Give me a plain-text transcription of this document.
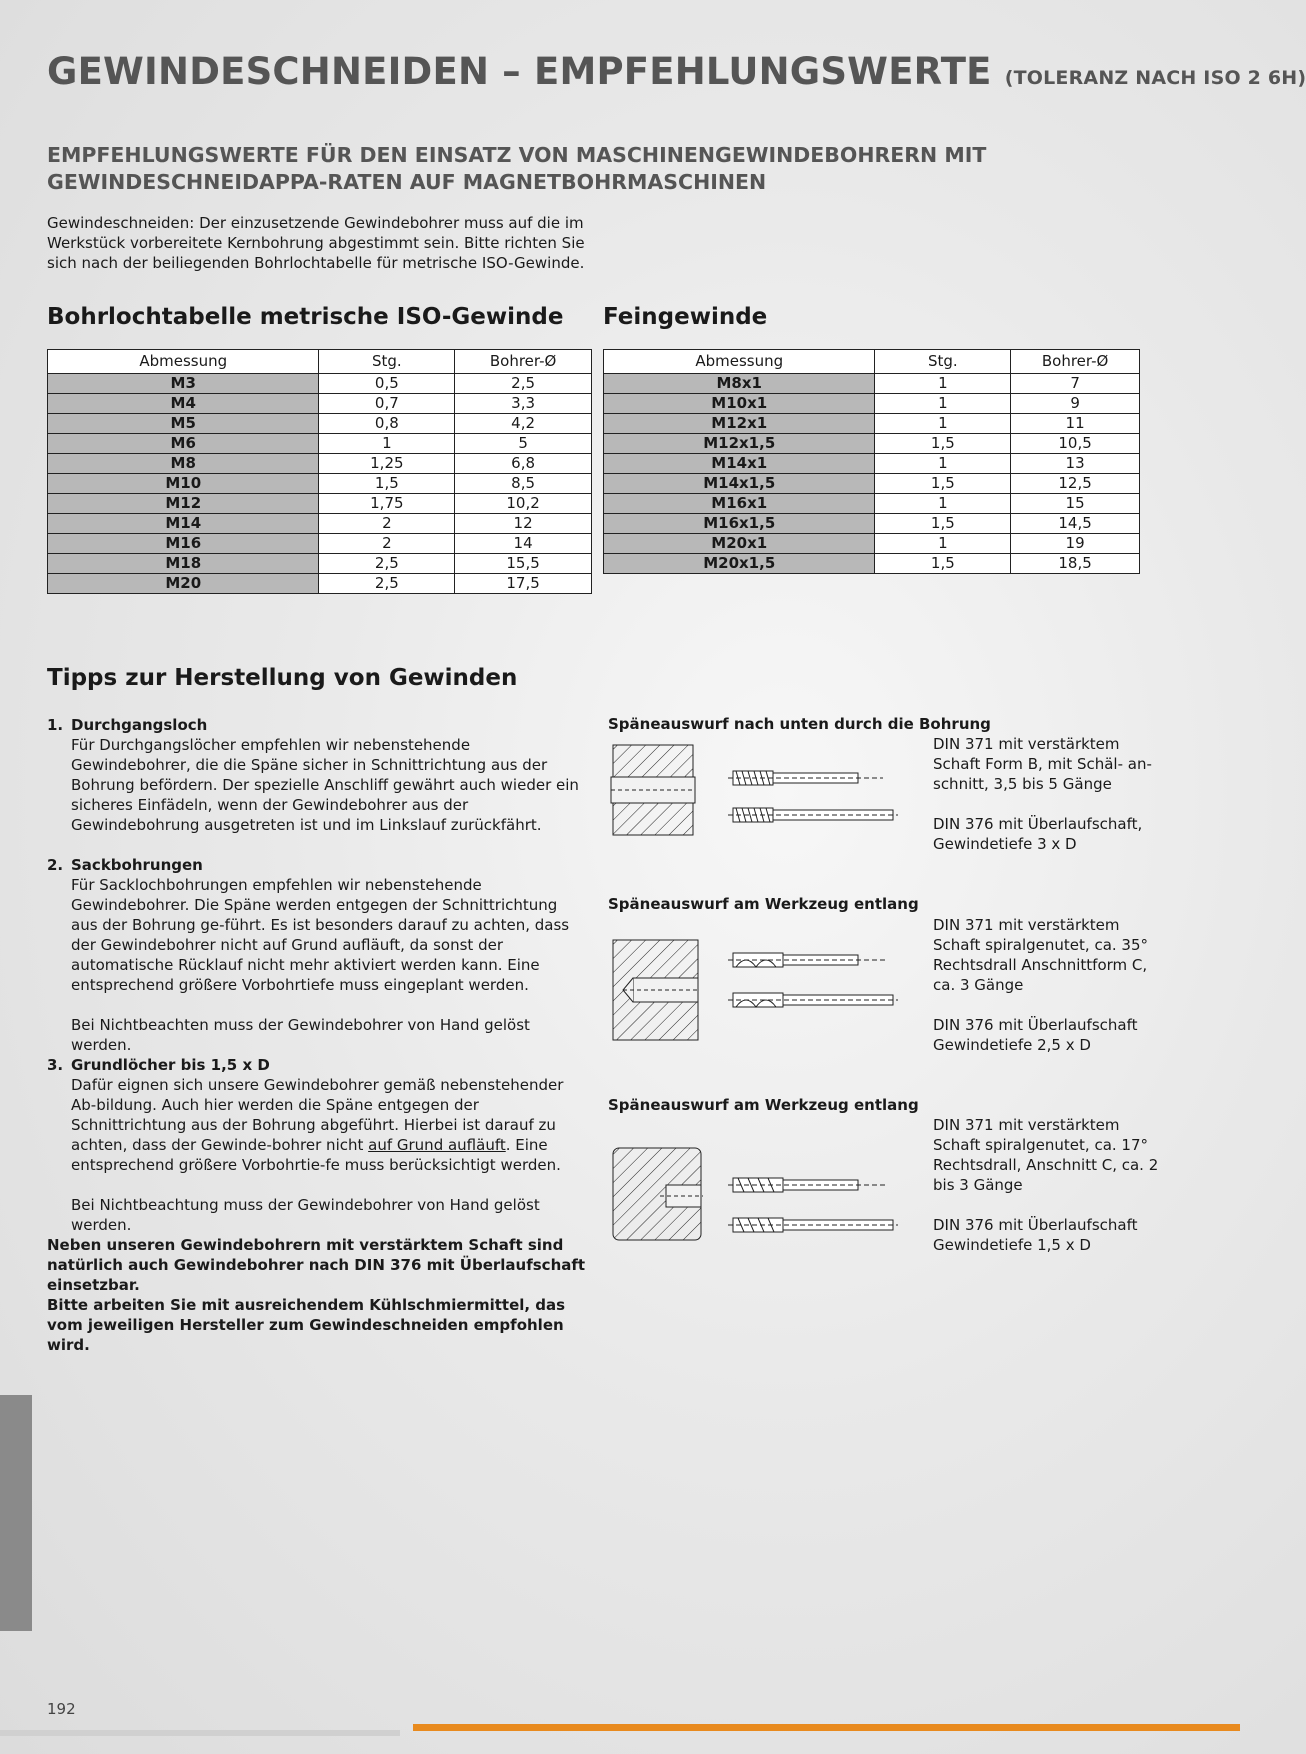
GEWINDESCHNEIDEN – EMPFEHLUNGSWERTE (TOLERANZ NACH ISO 2 6H)
EMPFEHLUNGSWERTE FÜR DEN EINSATZ VON MASCHINENGEWINDEBOHRERN MIT GEWINDESCHNEIDAPPA-RATEN AUF MAGNETBOHRMASCHINEN
Gewindeschneiden: Der einzusetzende Gewindebohrer muss auf die im Werkstück vorbereitete Kernbohrung abgestimmt sein. Bitte richten Sie sich nach der beiliegenden Bohrlochtabelle für metrische ISO-Gewinde.
Bohrlochtabelle metrische ISO-Gewinde
Abmessung	Stg.	Bohrer-Ø
M3	0,5	2,5
M4	0,7	3,3
M5	0,8	4,2
M6	1	5
M8	1,25	6,8
M10	1,5	8,5
M12	1,75	10,2
M14	2	12
M16	2	14
M18	2,5	15,5
M20	2,5	17,5
Feingewinde
Abmessung	Stg.	Bohrer-Ø
M8x1	1	7
M10x1	1	9
M12x1	1	11
M12x1,5	1,5	10,5
M14x1	1	13
M14x1,5	1,5	12,5
M16x1	1	15
M16x1,5	1,5	14,5
M20x1	1	19
M20x1,5	1,5	18,5
Tipps zur Herstellung von Gewinden
1. Durchgangsloch
Für Durchgangslöcher empfehlen wir nebenstehende Gewindebohrer, die die Späne sicher in Schnittrichtung aus der Bohrung befördern. Der spezielle Anschliff gewährt auch wieder ein sicheres Einfädeln, wenn der Gewindebohrer aus der Gewindebohrung ausgetreten ist und im Linkslauf zurückfährt.
2. Sackbohrungen
Für Sacklochbohrungen empfehlen wir nebenstehende Gewindebohrer. Die Späne werden entgegen der Schnittrichtung aus der Bohrung ge-führt. Es ist besonders darauf zu achten, dass der Gewindebohrer nicht auf Grund aufläuft, da sonst der automatische Rücklauf nicht mehr aktiviert werden kann. Eine entsprechend größere Vorbohrtiefe muss eingeplant werden.
Bei Nichtbeachten muss der Gewindebohrer von Hand gelöst werden.
3. Grundlöcher bis 1,5 x D
Dafür eignen sich unsere Gewindebohrer gemäß nebenstehender Ab-bildung. Auch hier werden die Späne entgegen der Schnittrichtung aus der Bohrung abgeführt. Hierbei ist darauf zu achten, dass der Gewinde-bohrer nicht auf Grund aufläuft. Eine entsprechend größere Vorbohrtie-fe muss berücksichtigt werden.
Bei Nichtbeachtung muss der Gewindebohrer von Hand gelöst werden.
Neben unseren Gewindebohrern mit verstärktem Schaft sind natürlich auch Gewindebohrer nach DIN 376 mit Überlaufschaft einsetzbar.
Bitte arbeiten Sie mit ausreichendem Kühlschmiermittel, das vom jeweiligen Hersteller zum Gewindeschneiden empfohlen wird.
Späneauswurf nach unten durch die Bohrung

DIN 371 mit verstärktem Schaft Form B, mit Schäl- an-schnitt, 3,5 bis 5 Gänge

DIN 376 mit Überlaufschaft, Gewindetiefe 3 x D

Späneauswurf am Werkzeug entlang

DIN 371 mit verstärktem Schaft spiralgenutet, ca. 35° Rechtsdrall Anschnittform C, ca. 3 Gänge

DIN 376 mit Überlaufschaft Gewindetiefe 2,5 x D

Späneauswurf am Werkzeug entlang

DIN 371 mit verstärktem Schaft spiralgenutet, ca. 17° Rechtsdrall, Anschnitt C, ca. 2 bis 3 Gänge

DIN 376 mit Überlaufschaft Gewindetiefe 1,5 x D

192
